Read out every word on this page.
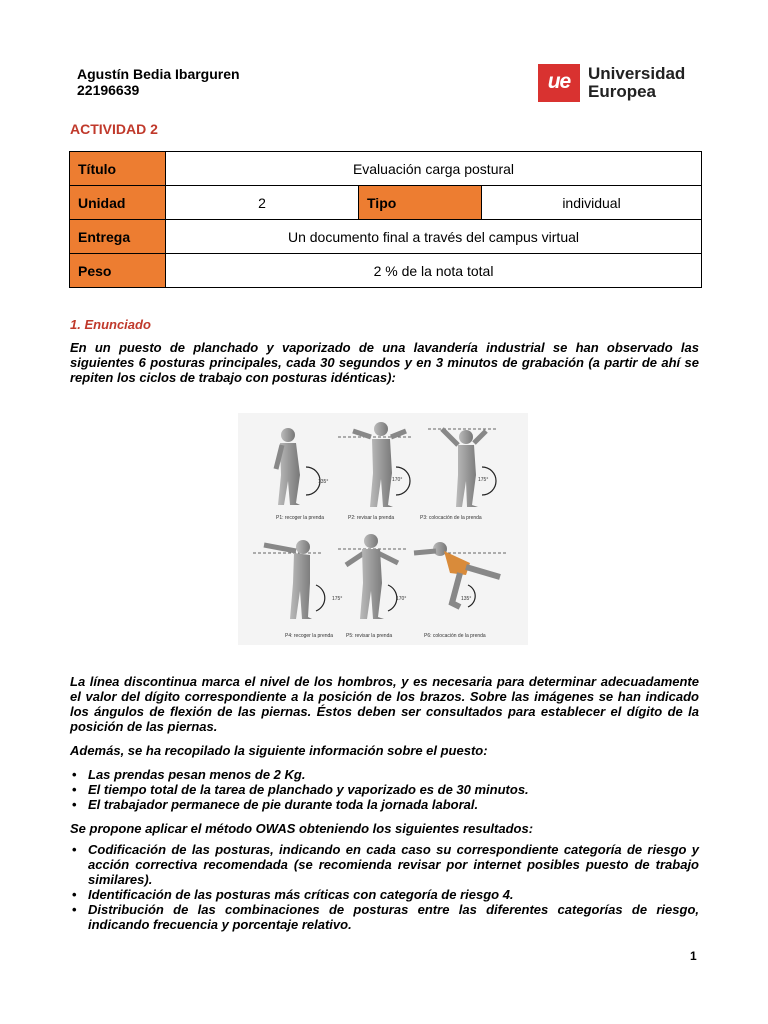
Agustín Bedia Ibarguren
22196639	ue	Universidad
Europea
ACTIVIDAD 2
Título	Evaluación carga postural		
Unidad	2	Tipo	individual
Entrega	Un documento final a través del campus virtual		
Peso	2 % de la nota total		
1. Enunciado
En un puesto de planchado y vaporizado de una lavandería industrial se han observado las siguientes 6 posturas principales, cada 30 segundos y en 3 minutos de grabación (a partir de ahí se repiten los ciclos de trabajo con posturas idénticas):
135°	170°	175°
175°	170°	135°
P1: recoger la prenda	P2: revisar la prenda	P3: colocación de la prenda
P4: recoger la prenda	P5: revisar la prenda	P6: colocación de la prenda
La línea discontinua marca el nivel de los hombros, y es necesaria para determinar adecuadamente el valor del dígito correspondiente a la posición de los brazos. Sobre las imágenes se han indicado los ángulos de flexión de las piernas. Éstos deben ser consultados para establecer el dígito de la posición de las piernas.
Además, se ha recopilado la siguiente información sobre el puesto:
• Las prendas pesan menos de 2 Kg.
• El tiempo total de la tarea de planchado y vaporizado es de 30 minutos.
• El trabajador permanece de pie durante toda la jornada laboral.
Se propone aplicar el método OWAS obteniendo los siguientes resultados:
• Codificación de las posturas, indicando en cada caso su correspondiente categoría de riesgo y acción correctiva recomendada (se recomienda revisar por internet posibles puesto de trabajo similares).
• Identificación de las posturas más críticas con categoría de riesgo 4.
• Distribución de las combinaciones de posturas entre las diferentes categorías de riesgo, indicando frecuencia y porcentaje relativo.
1
